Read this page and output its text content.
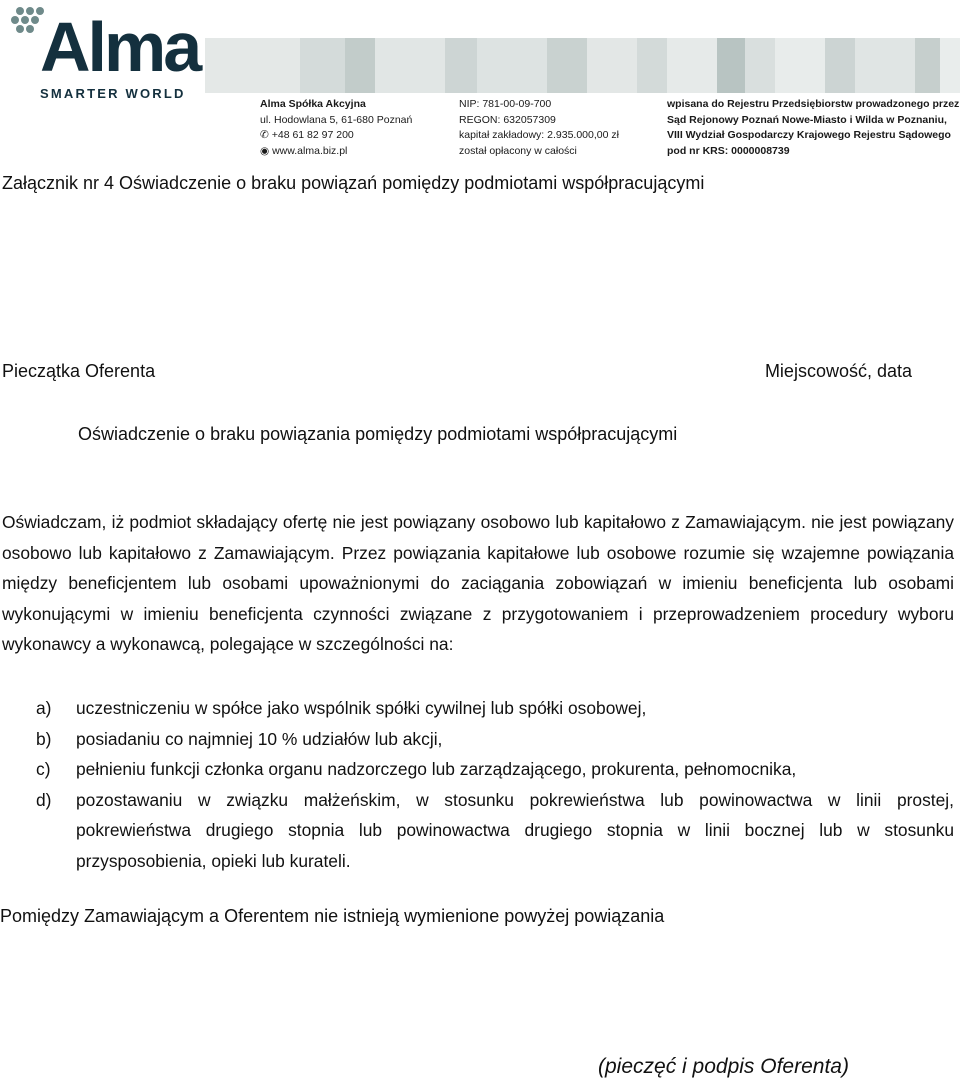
Alma
SMARTER WORLD
Alma Spółka Akcyjna
ul. Hodowlana 5, 61-680 Poznań
✆ +48 61 82 97 200
◉ www.alma.biz.pl
NIP: 781-00-09-700
REGON: 632057309
kapitał zakładowy: 2.935.000,00 zł
został opłacony w całości
wpisana do Rejestru Przedsiębiorstw prowadzonego przez
Sąd Rejonowy Poznań Nowe-Miasto i Wilda w Poznaniu,
VIII Wydział Gospodarczy Krajowego Rejestru Sądowego
pod nr KRS: 0000008739
Załącznik nr 4 Oświadczenie o braku powiązań pomiędzy podmiotami współpracującymi
Pieczątka Oferenta	Miejscowość, data
Oświadczenie o braku powiązania pomiędzy podmiotami współpracującymi

Oświadczam, iż podmiot składający ofertę nie jest powiązany osobowo lub kapitałowo z Zamawiającym. nie jest powiązany osobowo lub kapitałowo z Zamawiającym. Przez powiązania kapitałowe lub osobowe rozumie się wzajemne powiązania między beneficjentem lub osobami upoważnionymi do zaciągania zobowiązań w imieniu beneficjenta lub osobami wykonującymi w imieniu beneficjenta czynności związane z przygotowaniem i przeprowadzeniem procedury wyboru wykonawcy a wykonawcą, polegające w szczególności na:

a) uczestniczeniu w spółce jako wspólnik spółki cywilnej lub spółki osobowej,
b) posiadaniu co najmniej 10 % udziałów lub akcji,
c) pełnieniu funkcji członka organu nadzorczego lub zarządzającego, prokurenta, pełnomocnika,
d) pozostawaniu w związku małżeńskim, w stosunku pokrewieństwa lub powinowactwa w linii prostej, pokrewieństwa drugiego stopnia lub powinowactwa drugiego stopnia w linii bocznej lub w stosunku przysposobienia, opieki lub kurateli.
Pomiędzy Zamawiającym a Oferentem nie istnieją wymienione powyżej powiązania
(pieczęć i podpis Oferenta)
